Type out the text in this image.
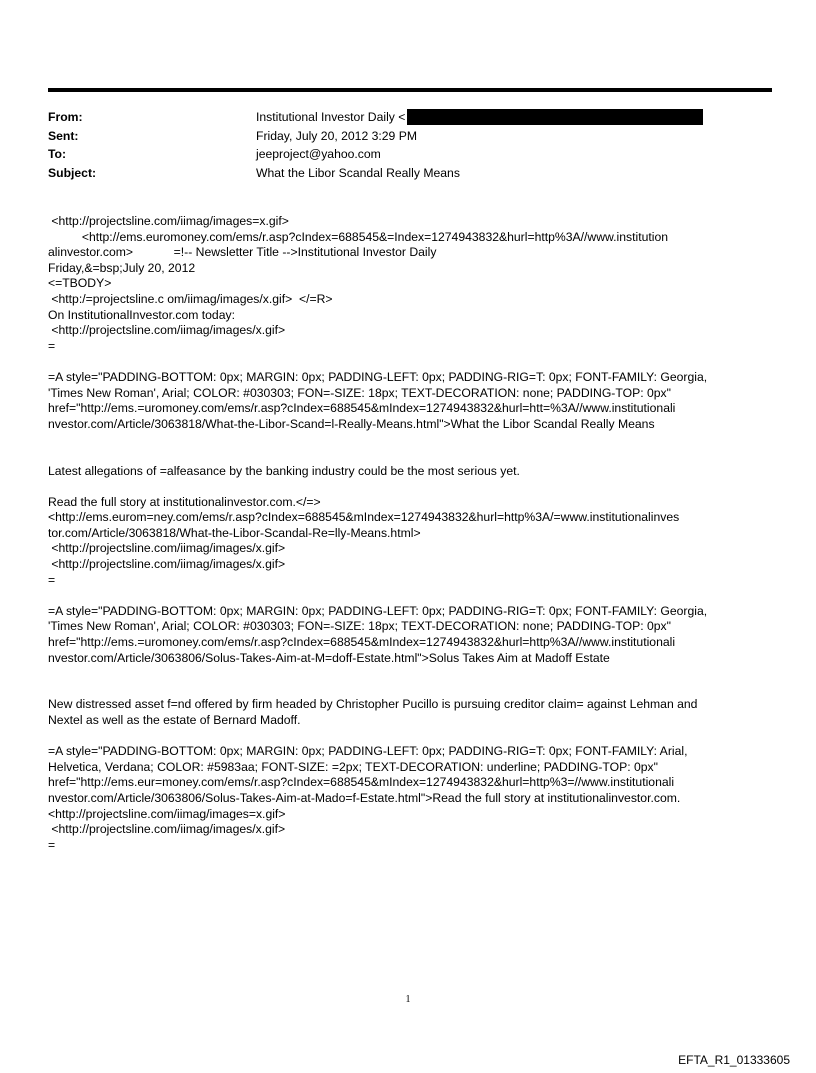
From:	Institutional Investor Daily <
Sent:	Friday, July 20, 2012 3:29 PM
To:	jeeproject@yahoo.com
Subject:	What the Libor Scandal Really Means
<http://projectsline.com/iimag/images=x.gif>
<http://ems.euromoney.com/ems/r.asp?cIndex=688545&=Index=1274943832&hurl=http%3A//www.institution
alinvestor.com>            =!-- Newsletter Title -->Institutional Investor Daily
Friday,&=bsp;July 20, 2012
<=TBODY>
<http:/=projectsline.c om/iimag/images/x.gif>  </=R>
On InstitutionalInvestor.com today:
<http://projectsline.com/iimag/images/x.gif>
=
=A style="PADDING-BOTTOM: 0px; MARGIN: 0px; PADDING-LEFT: 0px; PADDING-RIG=T: 0px; FONT-FAMILY: Georgia,
'Times New Roman', Arial; COLOR: #030303; FON=-SIZE: 18px; TEXT-DECORATION: none; PADDING-TOP: 0px"
href="http://ems.=uromoney.com/ems/r.asp?cIndex=688545&mIndex=1274943832&hurl=htt=%3A//www.institutionali
nvestor.com/Article/3063818/What-the-Libor-Scand=l-Really-Means.html">What the Libor Scandal Really Means
Latest allegations of =alfeasance by the banking industry could be the most serious yet.
Read the full story at institutionalinvestor.com.</=>
<http://ems.eurom=ney.com/ems/r.asp?cIndex=688545&mIndex=1274943832&hurl=http%3A/=www.institutionalinves
tor.com/Article/3063818/What-the-Libor-Scandal-Re=lly-Means.html>
<http://projectsline.com/iimag/images/x.gif>
<http://projectsline.com/iimag/images/x.gif>
=
=A style="PADDING-BOTTOM: 0px; MARGIN: 0px; PADDING-LEFT: 0px; PADDING-RIG=T: 0px; FONT-FAMILY: Georgia,
'Times New Roman', Arial; COLOR: #030303; FON=-SIZE: 18px; TEXT-DECORATION: none; PADDING-TOP: 0px"
href="http://ems.=uromoney.com/ems/r.asp?cIndex=688545&mIndex=1274943832&hurl=http%3A//www.institutionali
nvestor.com/Article/3063806/Solus-Takes-Aim-at-M=doff-Estate.html">Solus Takes Aim at Madoff Estate
New distressed asset f=nd offered by firm headed by Christopher Pucillo is pursuing creditor claim= against Lehman and
Nextel as well as the estate of Bernard Madoff.
=A style="PADDING-BOTTOM: 0px; MARGIN: 0px; PADDING-LEFT: 0px; PADDING-RIG=T: 0px; FONT-FAMILY: Arial,
Helvetica, Verdana; COLOR: #5983aa; FONT-SIZE: =2px; TEXT-DECORATION: underline; PADDING-TOP: 0px"
href="http://ems.eur=money.com/ems/r.asp?cIndex=688545&mIndex=1274943832&hurl=http%3=//www.institutionali
nvestor.com/Article/3063806/Solus-Takes-Aim-at-Mado=f-Estate.html">Read the full story at institutionalinvestor.com.
<http://projectsline.com/iimag/images=x.gif>
<http://projectsline.com/iimag/images/x.gif>
=
1
EFTA_R1_01333605
